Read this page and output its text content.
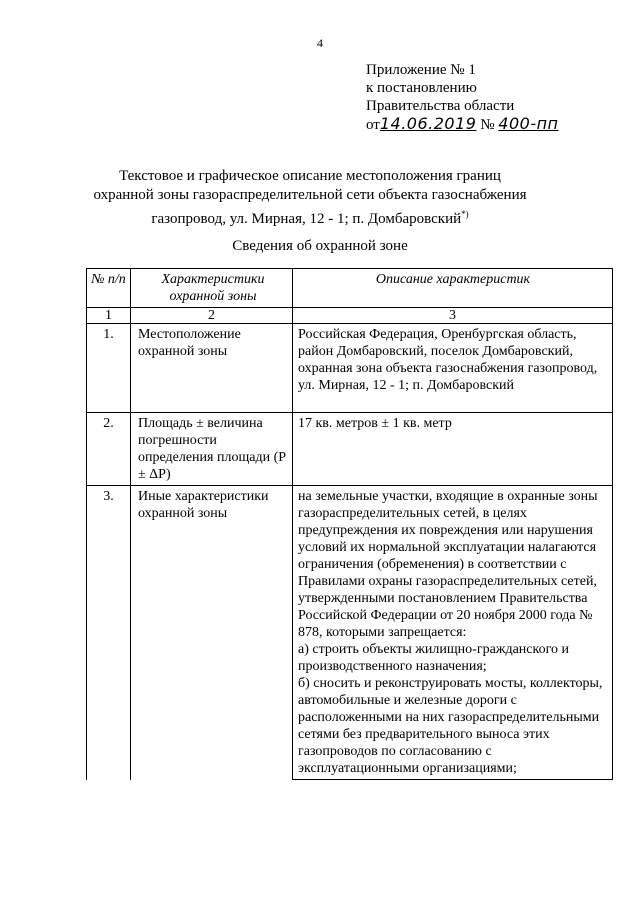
4
Приложение № 1
к постановлению
Правительства области
от14.06.2019 № 400-пп
Текстовое и графическое описание местоположения границ
охранной зоны газораспределительной сети объекта газоснабжения
газопровод, ул. Мирная, 12 - 1; п. Домбаровский*)
Сведения об охранной зоне
№ п/п	Характеристики охранной зоны	Описание характеристик
1	2	3
1.	Местоположение охранной зоны	Российская Федерация, Оренбургская область, район Домбаровский, поселок Домбаровский, охранная зона объекта газоснабжения газопровод, ул. Мирная, 12 - 1; п. Домбаровский
2.	Площадь ± величина погрешности определения площади (Р ± ΔР)	17 кв. метров ± 1 кв. метр
3.	Иные характеристики охранной зоны	на земельные участки, входящие в охранные зоны газораспределительных сетей, в целях предупреждения их повреждения или нарушения условий их нормальной эксплуатации налагаются ограничения (обременения) в соответствии с Правилами охраны газораспределительных сетей, утвержденными постановлением Правительства Российской Федерации от 20 ноября 2000 года № 878, которыми запрещается:
а) строить объекты жилищно-гражданского и производственного назначения;
б) сносить и реконструировать мосты, коллекторы, автомобильные и железные дороги с расположенными на них газораспределительными сетями без предварительного выноса этих газопроводов по согласованию с эксплуатационными организациями;
